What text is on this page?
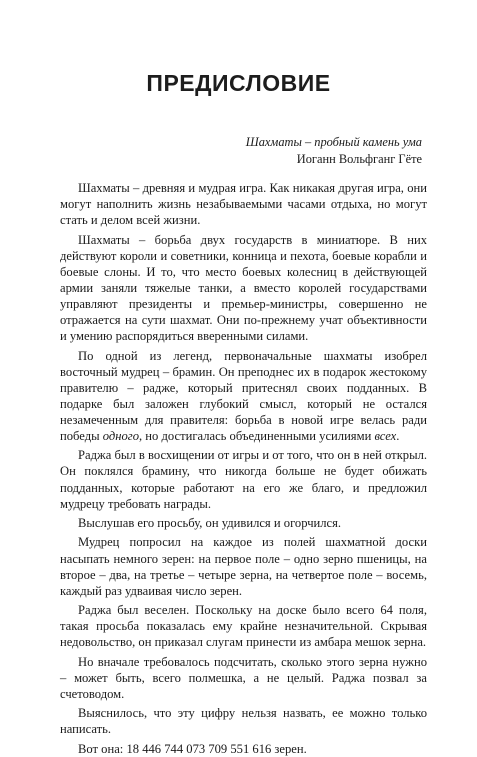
ПРЕДИСЛОВИЕ
Шахматы – пробный камень ума
Иоганн Вольфганг Гёте

Шахматы – древняя и мудрая игра. Как никакая другая игра, они могут наполнить жизнь незабываемыми часами отдыха, но могут стать и делом всей жизни.

Шахматы – борьба двух государств в миниатюре. В них действуют короли и советники, конница и пехота, боевые корабли и боевые слоны. И то, что место боевых колесниц в действующей армии заняли тяжелые танки, а вместо королей государствами управляют президенты и премьер-министры, совершенно не отражается на сути шахмат. Они по-прежнему учат объективности и умению распорядиться вверенными силами.

По одной из легенд, первоначальные шахматы изобрел восточный мудрец – брамин. Он преподнес их в подарок жестокому правителю – радже, который притеснял своих подданных. В подарке был заложен глубокий смысл, который не остался незамеченным для правителя: борьба в новой игре велась ради победы одного, но достигалась объединенными усилиями всех.

Раджа был в восхищении от игры и от того, что он в ней открыл. Он поклялся брамину, что никогда больше не будет обижать подданных, которые работают на его же благо, и предложил мудрецу требовать награды.

Выслушав его просьбу, он удивился и огорчился.

Мудрец попросил на каждое из полей шахматной доски насыпать немного зерен: на первое поле – одно зерно пшеницы, на второе – два, на третье – четыре зерна, на четвертое поле – восемь, каждый раз удваивая число зерен.

Раджа был веселен. Поскольку на доске было всего 64 поля, такая просьба показалась ему крайне незначительной. Скрывая недовольство, он приказал слугам принести из амбара мешок зерна.

Но вначале требовалось подсчитать, сколько этого зерна нужно – может быть, всего полмешка, а не целый. Раджа позвал за счетоводом.

Выяснилось, что эту цифру нельзя назвать, ее можно только написать.

Вот она: 18 446 744 073 709 551 616 зерен.
